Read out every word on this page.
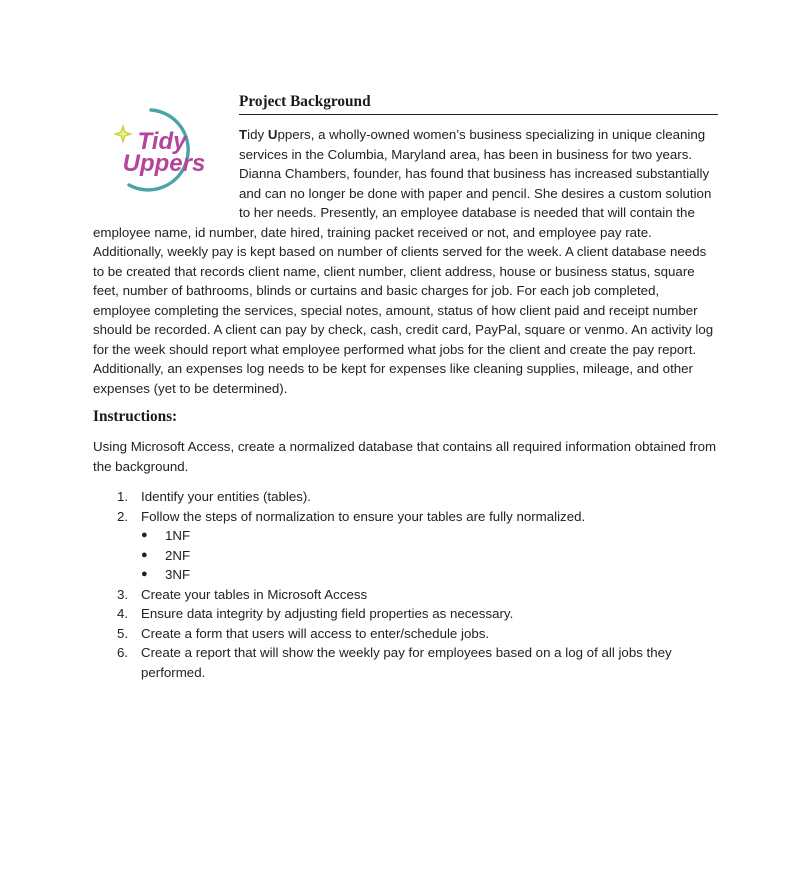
Tidy
Uppers
Project Background

Tidy Uppers, a wholly-owned women’s business specializing in unique cleaning services in the Columbia, Maryland area, has been in business for two years. Dianna Chambers, founder, has found that business has increased substantially and can no longer be done with paper and pencil. She desires a custom solution to her needs. Presently, an employee database is needed that will contain the employee name, id number, date hired, training packet received or not, and employee pay rate. Additionally, weekly pay is kept based on number of clients served for the week. A client database needs to be created that records client name, client number, client address, house or business status, square feet, number of bathrooms, blinds or curtains and basic charges for job. For each job completed, employee completing the services, special notes, amount, status of how client paid and receipt number should be recorded. A client can pay by check, cash, credit card, PayPal, square or venmo. An activity log for the week should report what employee performed what jobs for the client and create the pay report. Additionally, an expenses log needs to be kept for expenses like cleaning supplies, mileage, and other expenses (yet to be determined).

Instructions:

Using Microsoft Access, create a normalized database that contains all required information obtained from the background.

1. Identify your entities (tables).
2. Follow the steps of normalization to ensure your tables are fully normalized.
● 1NF
● 2NF
● 3NF
3. Create your tables in Microsoft Access
4. Ensure data integrity by adjusting field properties as necessary.
5. Create a form that users will access to enter/schedule jobs.
6. Create a report that will show the weekly pay for employees based on a log of all jobs they performed.
